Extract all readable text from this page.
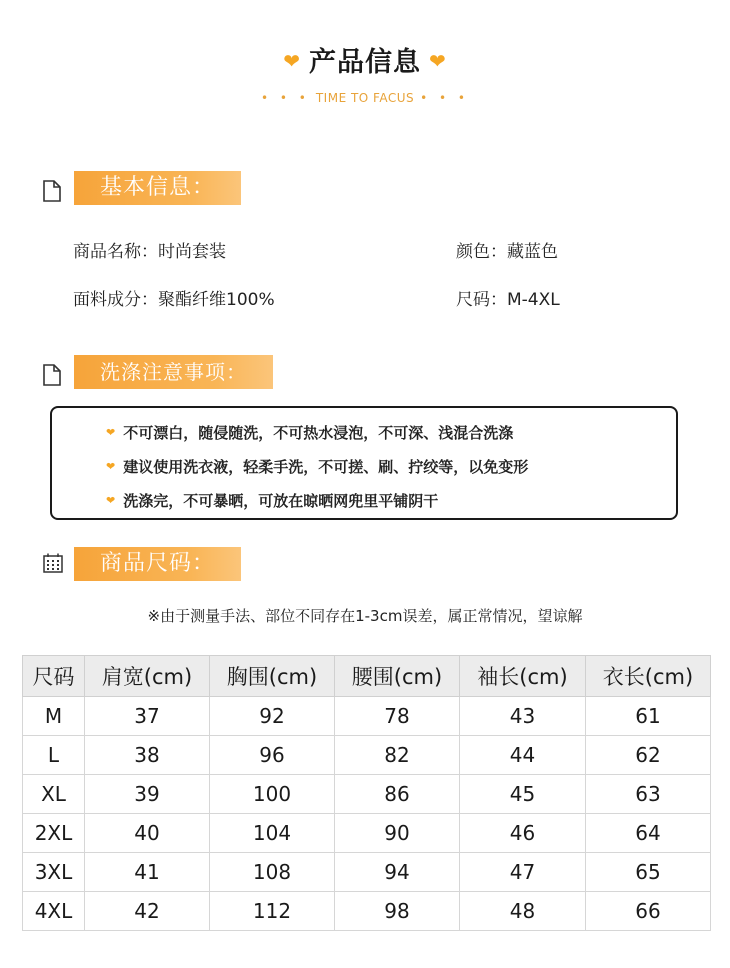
❤ 产品信息 ❤
• • • TIME TO FACUS • • •
基本信息：
商品名称：时尚套装	颜色：藏蓝色
面料成分：聚酯纤维100%	尺码：M-4XL
洗涤注意事项：
❤ 不可漂白，随侵随洗，不可热水浸泡，不可深、浅混合洗涤
❤ 建议使用洗衣液，轻柔手洗，不可搓、刷、拧绞等，以免变形
❤ 洗涤完，不可暴晒，可放在晾晒网兜里平铺阴干
商品尺码：
※由于测量手法、部位不同存在1-3cm误差，属正常情况，望谅解
尺码	肩宽(cm)	胸围(cm)	腰围(cm)	袖长(cm)	衣长(cm)
M	37	92	78	43	61
L	38	96	82	44	62
XL	39	100	86	45	63
2XL	40	104	90	46	64
3XL	41	108	94	47	65
4XL	42	112	98	48	66
